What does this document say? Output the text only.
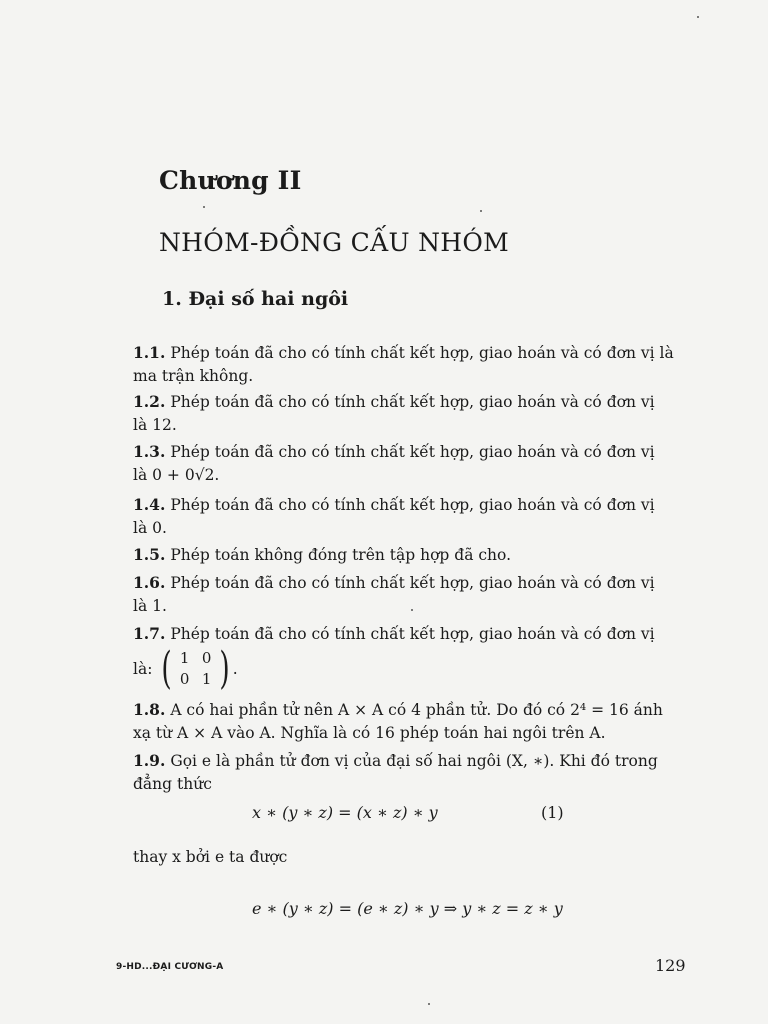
Chương II
NHÓM-ĐỒNG CẤU NHÓM
1. Đại số hai ngôi
1.1. Phép toán đã cho có tính chất kết hợp, giao hoán và có đơn vị là
ma trận không.
1.2. Phép toán đã cho có tính chất kết hợp, giao hoán và có đơn vị
là 12.
1.3. Phép toán đã cho có tính chất kết hợp, giao hoán và có đơn vị
là 0 + 0√2.
1.4. Phép toán đã cho có tính chất kết hợp, giao hoán và có đơn vị
là 0.
1.5. Phép toán không đóng trên tập hợp đã cho.
1.6. Phép toán đã cho có tính chất kết hợp, giao hoán và có đơn vị
là 1.
1.7. Phép toán đã cho có tính chất kết hợp, giao hoán và có đơn vị
là: ( 1 0
0 1 ) .
1.8. A có hai phần tử nên A × A có 4 phần tử. Do đó có 2⁴ = 16 ánh
xạ từ A × A vào A. Nghĩa là có 16 phép toán hai ngôi trên A.
1.9. Gọi e là phần tử đơn vị của đại số hai ngôi (X, ∗). Khi đó trong
đẳng thức
x ∗ (y ∗ z) = (x ∗ z) ∗ y	(1)
thay x bởi e ta được
e ∗ (y ∗ z) = (e ∗ z) ∗ y ⇒ y ∗ z = z ∗ y
9-HD...ĐẠI CƯƠNG-A	129
